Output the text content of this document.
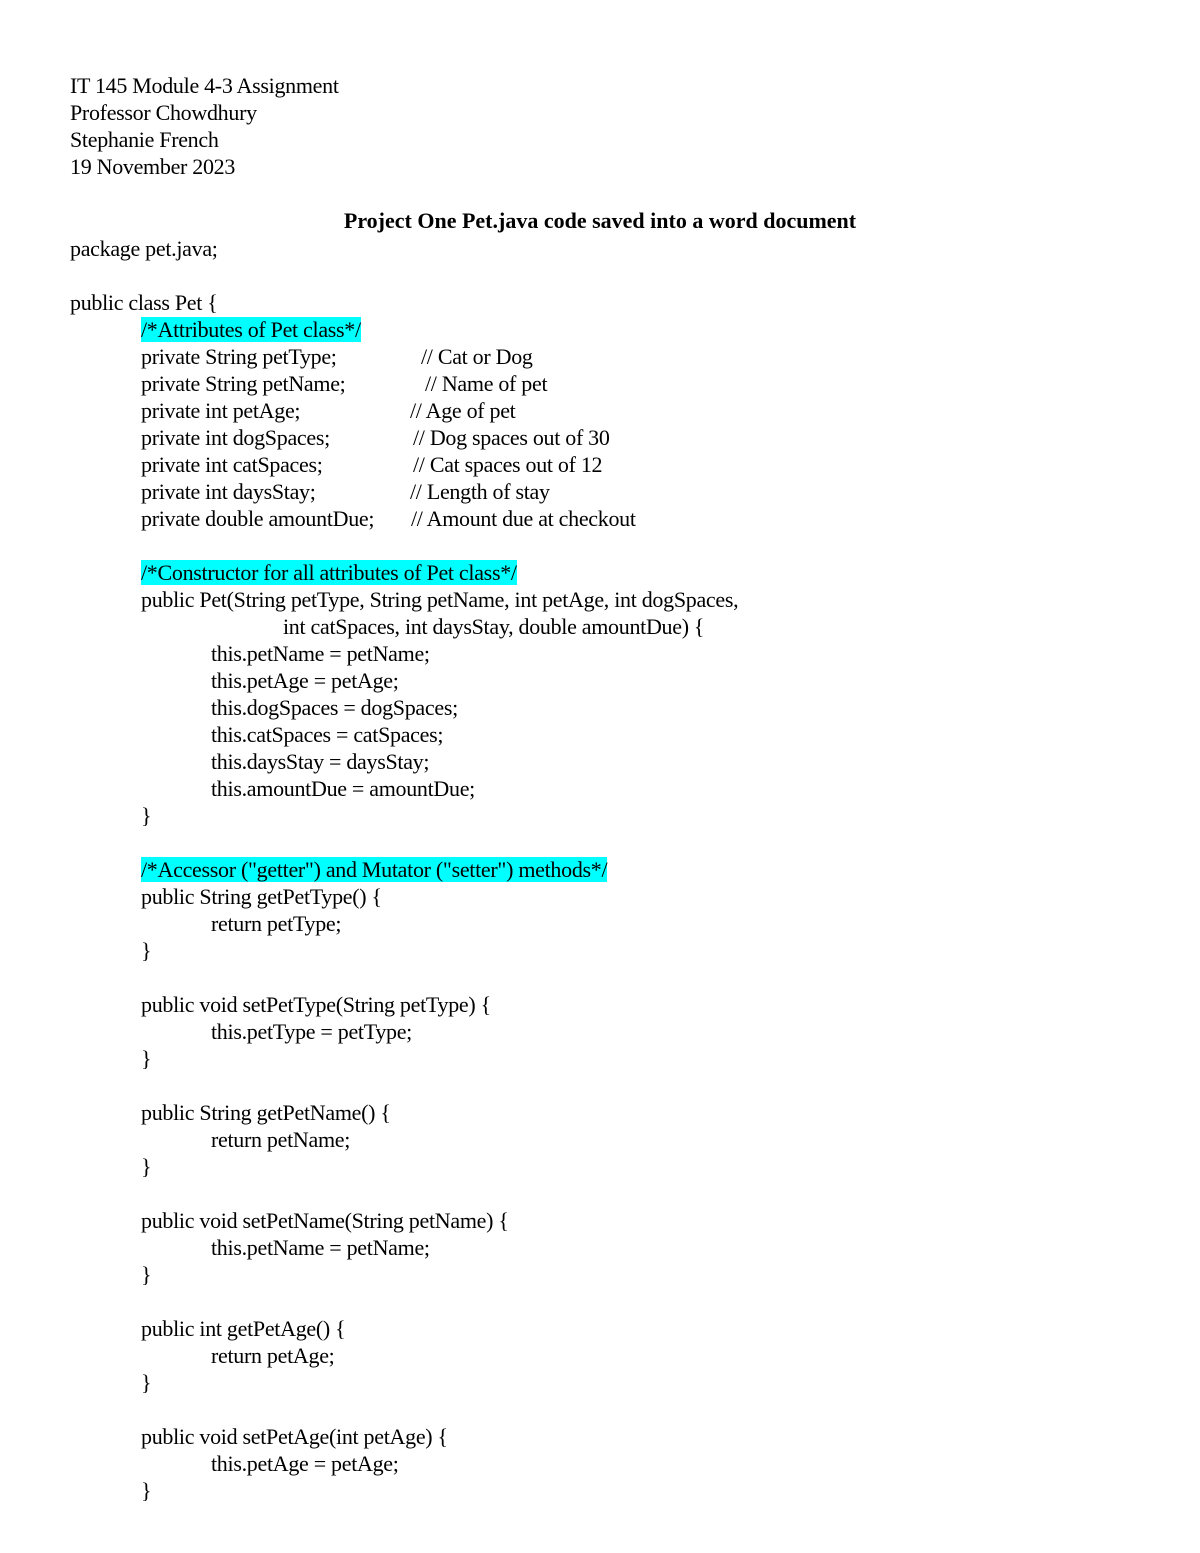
IT 145 Module 4-3 Assignment
Professor Chowdhury
Stephanie French
19 November 2023
Project One Pet.java code saved into a word document
package pet.java;
public class Pet {
/*Attributes of Pet class*/
private String petType;	// Cat or Dog
private String petName;	// Name of pet
private int petAge;	// Age of pet
private int dogSpaces;	// Dog spaces out of 30
private int catSpaces;	// Cat spaces out of 12
private int daysStay;	// Length of stay
private double amountDue; // Amount due at checkout
/*Constructor for all attributes of Pet class*/
public Pet(String petType, String petName, int petAge, int dogSpaces,
int catSpaces, int daysStay, double amountDue) {
this.petName = petName;
this.petAge = petAge;
this.dogSpaces = dogSpaces;
this.catSpaces = catSpaces;
this.daysStay = daysStay;
this.amountDue = amountDue;
}
/*Accessor ("getter") and Mutator ("setter") methods*/
public String getPetType() {
return petType;
}
public void setPetType(String petType) {
this.petType = petType;
}
public String getPetName() {
return petName;
}
public void setPetName(String petName) {
this.petName = petName;
}
public int getPetAge() {
return petAge;
}
public void setPetAge(int petAge) {
this.petAge = petAge;
}
